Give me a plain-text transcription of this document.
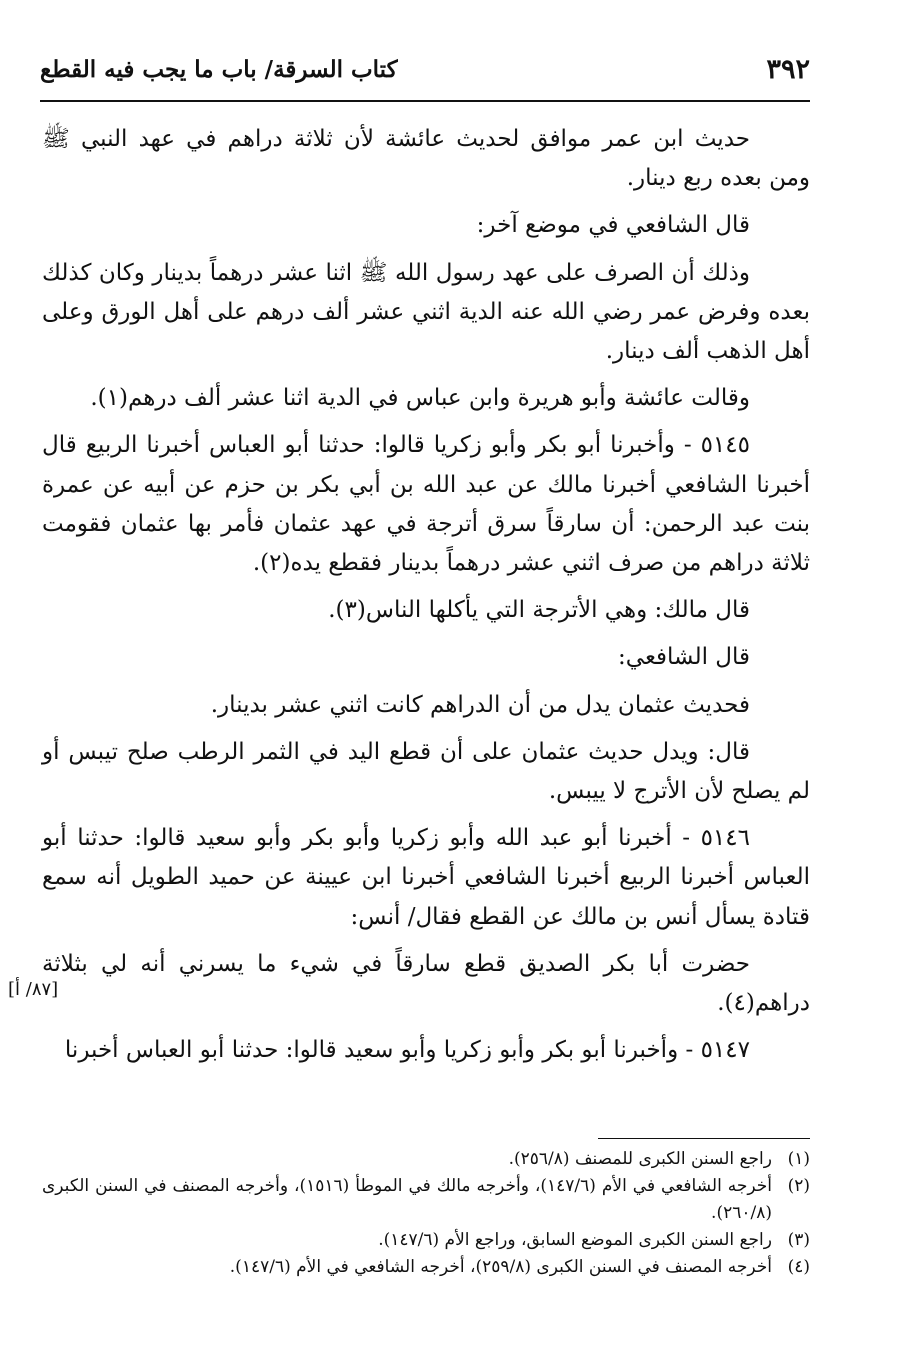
٣٩٢
كتاب السرقة/ باب ما يجب فيه القطع

حديث ابن عمر موافق لحديث عائشة لأن ثلاثة دراهم في عهد النبي ﷺ ومن بعده ربع دينار.

قال الشافعي في موضع آخر:

وذلك أن الصرف على عهد رسول الله ﷺ اثنا عشر درهماً بدينار وكان كذلك بعده وفرض عمر رضي الله عنه الدية اثني عشر ألف درهم على أهل الورق وعلى أهل الذهب ألف دينار.

وقالت عائشة وأبو هريرة وابن عباس في الدية اثنا عشر ألف درهم(١).

٥١٤٥ - وأخبرنا أبو بكر وأبو زكريا قالوا: حدثنا أبو العباس أخبرنا الربيع قال أخبرنا الشافعي أخبرنا مالك عن عبد الله بن أبي بكر بن حزم عن أبيه عن عمرة بنت عبد الرحمن: أن سارقاً سرق أترجة في عهد عثمان فأمر بها عثمان فقومت ثلاثة دراهم من صرف اثني عشر درهماً بدينار فقطع يده(٢).

قال مالك: وهي الأترجة التي يأكلها الناس(٣).

قال الشافعي:

فحديث عثمان يدل من أن الدراهم كانت اثني عشر بدينار.

قال: ويدل حديث عثمان على أن قطع اليد في الثمر الرطب صلح تيبس أو لم يصلح لأن الأترج لا ييبس.

٥١٤٦ - أخبرنا أبو عبد الله وأبو زكريا وأبو بكر وأبو سعيد قالوا: حدثنا أبو العباس أخبرنا الربيع أخبرنا الشافعي أخبرنا ابن عيينة عن حميد الطويل أنه سمع قتادة يسأل أنس بن مالك عن القطع فقال/ أنس:

حضرت أبا بكر الصديق قطع سارقاً في شيء ما يسرني أنه لي بثلاثة دراهم(٤).

٥١٤٧ - وأخبرنا أبو بكر وأبو زكريا وأبو سعيد قالوا: حدثنا أبو العباس أخبرنا

[٨٧/ أ]
(١)
راجع السنن الكبرى للمصنف (٢٥٦/٨).
(٢)
أخرجه الشافعي في الأم (١٤٧/٦)، وأخرجه مالك في الموطأ (١٥١٦)، وأخرجه المصنف في السنن الكبرى (٢٦٠/٨).
(٣)
راجع السنن الكبرى الموضع السابق، وراجع الأم (١٤٧/٦).
(٤)
أخرجه المصنف في السنن الكبرى (٢٥٩/٨)، أخرجه الشافعي في الأم (١٤٧/٦).
